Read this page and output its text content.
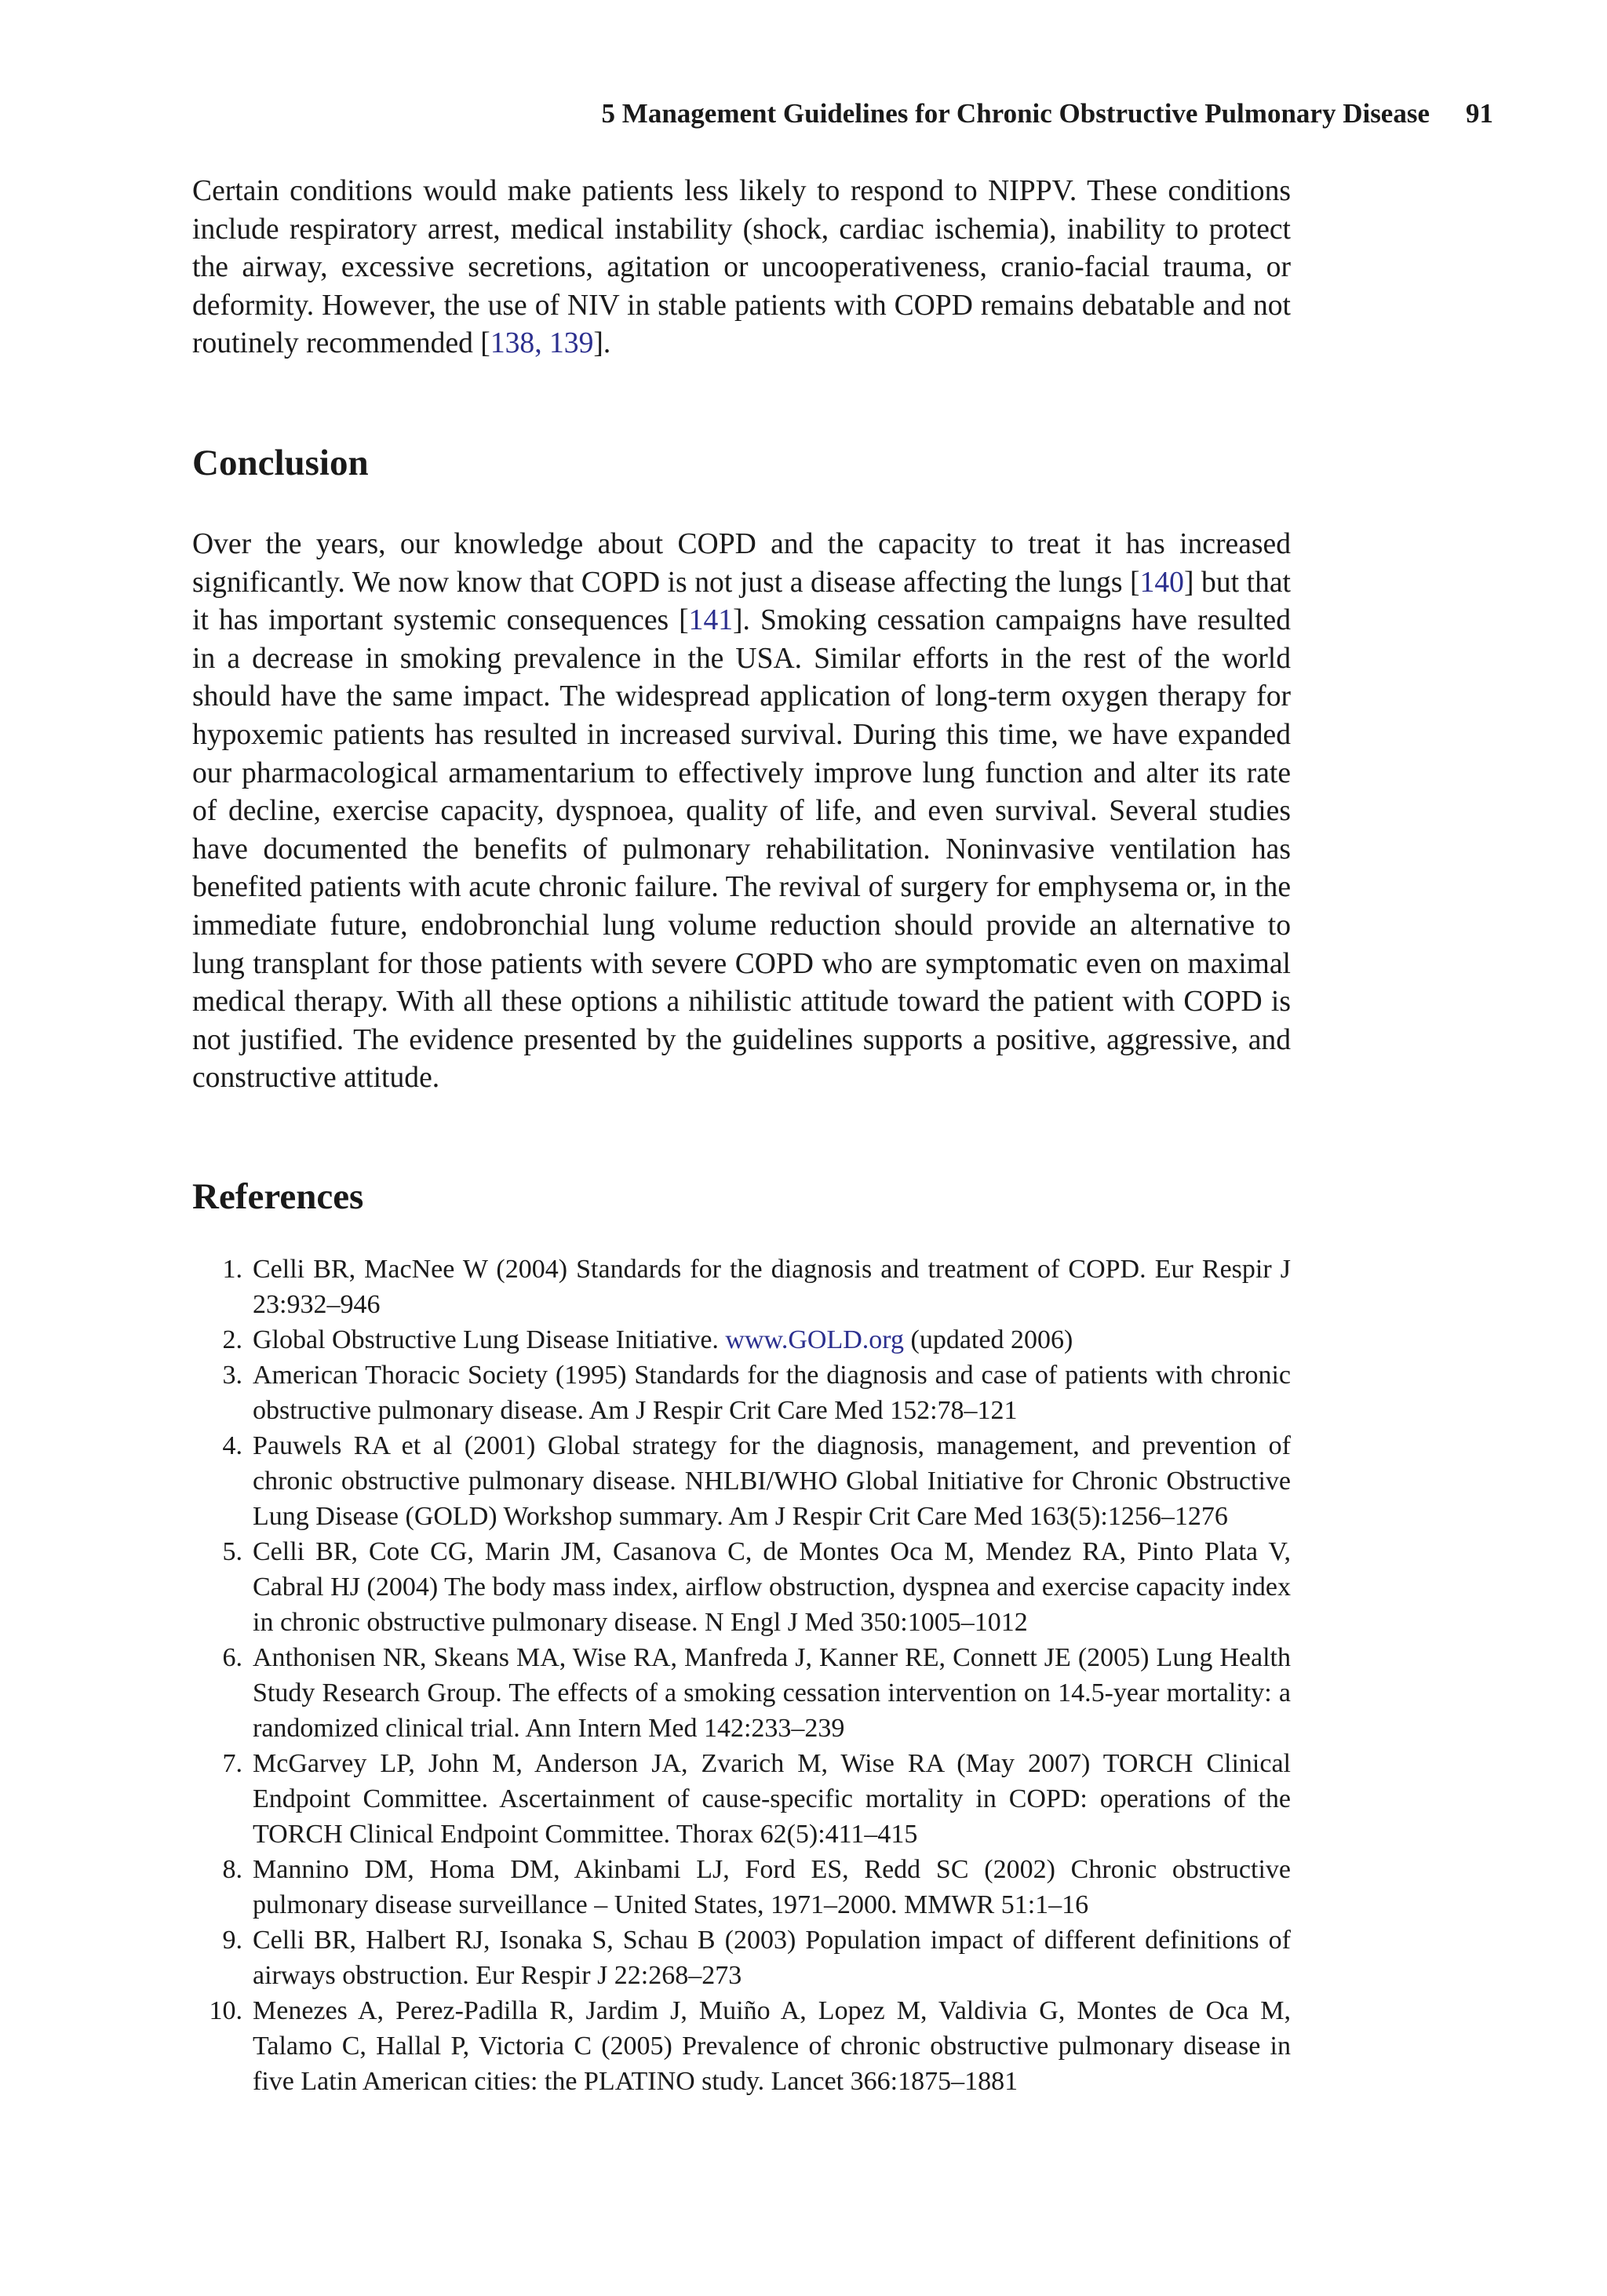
5 Management Guidelines for Chronic Obstructive Pulmonary Disease 91

Certain conditions would make patients less likely to respond to NIPPV. These conditions include respiratory arrest, medical instability (shock, cardiac ischemia), inability to protect the airway, excessive secretions, agitation or uncooperativeness, cranio-facial trauma, or deformity. However, the use of NIV in stable patients with COPD remains debatable and not routinely recommended [138, 139].

Conclusion

Over the years, our knowledge about COPD and the capacity to treat it has increased significantly. We now know that COPD is not just a disease affecting the lungs [140] but that it has important systemic consequences [141]. Smoking cessation campaigns have resulted in a decrease in smoking prevalence in the USA. Similar efforts in the rest of the world should have the same impact. The widespread application of long-term oxygen therapy for hypoxemic patients has resulted in increased survival. During this time, we have expanded our pharmacological armamentarium to effectively improve lung function and alter its rate of decline, exercise capacity, dyspnoea, quality of life, and even survival. Several studies have documented the benefits of pulmonary rehabilitation. Noninvasive ventilation has benefited patients with acute chronic failure. The revival of surgery for emphysema or, in the immediate future, endobronchial lung volume reduction should provide an alternative to lung transplant for those patients with severe COPD who are symptomatic even on maximal medical therapy. With all these options a nihilistic attitude toward the patient with COPD is not justified. The evidence presented by the guidelines supports a positive, aggressive, and constructive attitude.

References
1. Celli BR, MacNee W (2004) Standards for the diagnosis and treatment of COPD. Eur Respir J 23:932–946
2. Global Obstructive Lung Disease Initiative. www.GOLD.org (updated 2006)
3. American Thoracic Society (1995) Standards for the diagnosis and case of patients with chronic obstructive pulmonary disease. Am J Respir Crit Care Med 152:78–121
4. Pauwels RA et al (2001) Global strategy for the diagnosis, management, and prevention of chronic obstructive pulmonary disease. NHLBI/WHO Global Initiative for Chronic Obstructive Lung Disease (GOLD) Workshop summary. Am J Respir Crit Care Med 163(5):1256–1276
5. Celli BR, Cote CG, Marin JM, Casanova C, de Montes Oca M, Mendez RA, Pinto Plata V, Cabral HJ (2004) The body mass index, airflow obstruction, dyspnea and exercise capacity index in chronic obstructive pulmonary disease. N Engl J Med 350:1005–1012
6. Anthonisen NR, Skeans MA, Wise RA, Manfreda J, Kanner RE, Connett JE (2005) Lung Health Study Research Group. The effects of a smoking cessation intervention on 14.5-year mortality: a randomized clinical trial. Ann Intern Med 142:233–239
7. McGarvey LP, John M, Anderson JA, Zvarich M, Wise RA (May 2007) TORCH Clinical Endpoint Committee. Ascertainment of cause-specific mortality in COPD: operations of the TORCH Clinical Endpoint Committee. Thorax 62(5):411–415
8. Mannino DM, Homa DM, Akinbami LJ, Ford ES, Redd SC (2002) Chronic obstructive pulmonary disease surveillance – United States, 1971–2000. MMWR 51:1–16
9. Celli BR, Halbert RJ, Isonaka S, Schau B (2003) Population impact of different definitions of airways obstruction. Eur Respir J 22:268–273
10. Menezes A, Perez-Padilla R, Jardim J, Muiño A, Lopez M, Valdivia G, Montes de Oca M, Talamo C, Hallal P, Victoria C (2005) Prevalence of chronic obstructive pulmonary disease in five Latin American cities: the PLATINO study. Lancet 366:1875–1881
